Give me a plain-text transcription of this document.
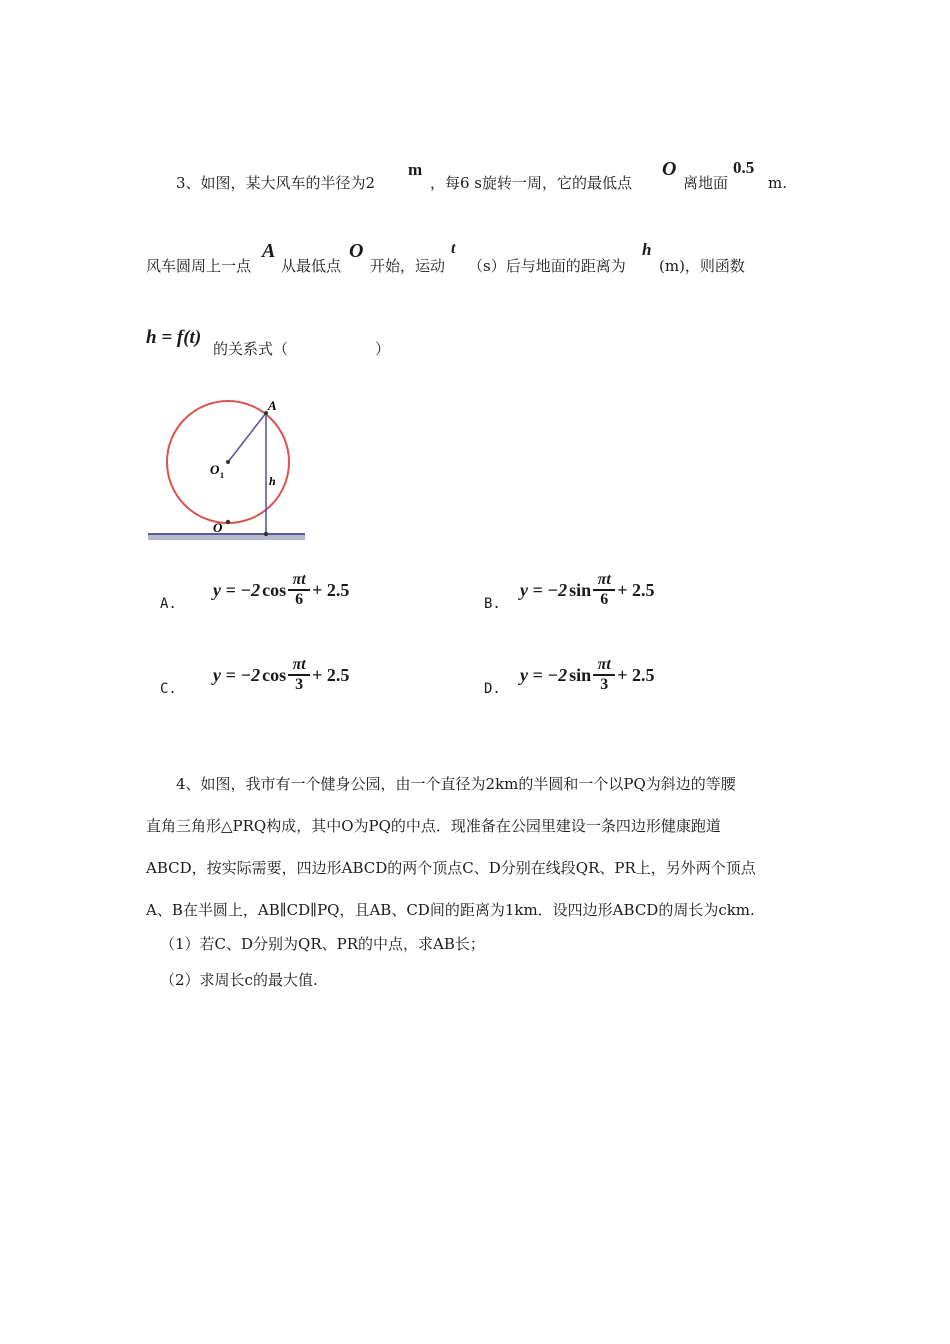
3、如图，某大风车的半径为2
m
，每6 s旋转一周，它的最低点
O
离地面
0.5
m.
风车圆周上一点
A
从最低点
O
开始，运动
t
（s）后与地面的距离为
h
(m)，则函数
h = f(t)
的关系式（	）
A
O 1	h
O
A.
y = −2 $\cos \frac{\pi t}{6} + 2.5$
B.
y = −2 $\sin \frac{\pi t}{6} + 2.5$
C.
y = −2 $\cos \frac{\pi t}{3} + 2.5$
D.
y = −2 $\sin \frac{\pi t}{3} + 2.5$
4、如图，我市有一个健身公园，由一个直径为2km的半圆和一个以PQ为斜边的等腰
直角三角形△PRQ构成，其中O为PQ的中点．现准备在公园里建设一条四边形健康跑道
ABCD，按实际需要，四边形ABCD的两个顶点C、D分别在线段QR、PR上，另外两个顶点
A、B在半圆上，AB∥CD∥PQ，且AB、CD间的距离为1km．设四边形ABCD的周长为ckm.
（1）若C、D分别为QR、PR的中点，求AB长；
（2）求周长c的最大值.
